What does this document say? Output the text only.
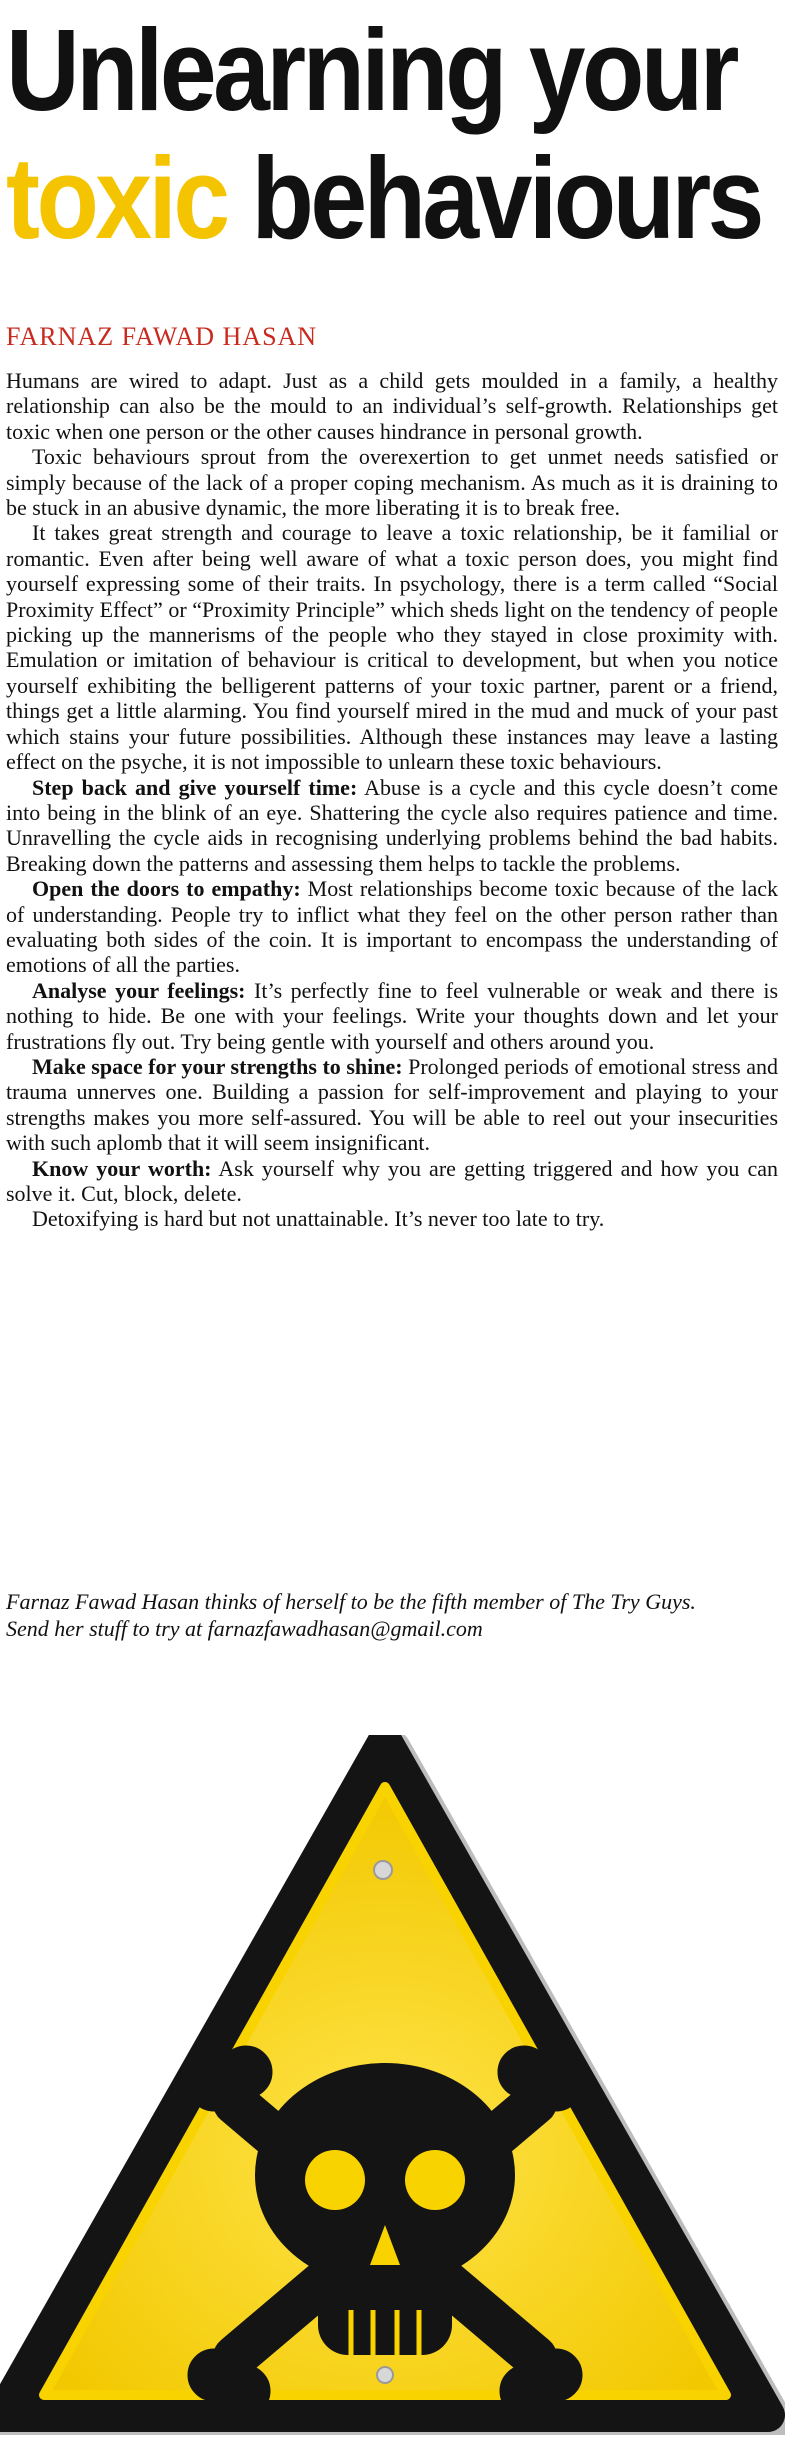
Unlearning your
toxic behaviours
FARNAZ FAWAD HASAN

Humans are wired to adapt. Just as a child gets moulded in a family, a healthy relationship can also be the mould to an individual’s self-growth. Relationships get toxic when one person or the other causes hindrance in personal growth.

Toxic behaviours sprout from the overexertion to get unmet needs satisfied or simply because of the lack of a proper coping mechanism. As much as it is draining to be stuck in an abusive dynamic, the more liberating it is to break free.

It takes great strength and courage to leave a toxic relationship, be it familial or romantic. Even after being well aware of what a toxic person does, you might find yourself expressing some of their traits. In psychology, there is a term called “Social Proximity Effect” or “Proximity Principle” which sheds light on the tendency of people picking up the mannerisms of the people who they stayed in close proximity with. Emulation or imitation of behaviour is critical to development, but when you notice yourself exhibiting the belligerent patterns of your toxic partner, parent or a friend, things get a little alarming. You find yourself mired in the mud and muck of your past which stains your future possibilities. Although these instances may leave a lasting effect on the psyche, it is not impossible to unlearn these toxic behaviours.

Step back and give yourself time: Abuse is a cycle and this cycle doesn’t come into being in the blink of an eye. Shattering the cycle also requires patience and time. Unravelling the cycle aids in recognising underlying problems behind the bad habits. Breaking down the patterns and assessing them helps to tackle the problems.

Open the doors to empathy: Most relationships become toxic because of the lack of understanding. People try to inflict what they feel on the other person rather than evaluating both sides of the coin. It is important to encompass the understanding of emotions of all the parties.

Analyse your feelings: It’s perfectly fine to feel vulnerable or weak and there is nothing to hide. Be one with your feelings. Write your thoughts down and let your frustrations fly out. Try being gentle with yourself and others around you.

Make space for your strengths to shine: Prolonged periods of emotional stress and trauma unnerves one. Building a passion for self-improvement and playing to your strengths makes you more self-assured. You will be able to reel out your insecurities with such aplomb that it will seem insignificant.

Know your worth: Ask yourself why you are getting triggered and how you can solve it. Cut, block, delete.

Detoxifying is hard but not unattainable. It’s never too late to try.

Farnaz Fawad Hasan thinks of herself to be the fifth member of The Try Guys.

Send her stuff to try at farnazfawadhasan@gmail.com
